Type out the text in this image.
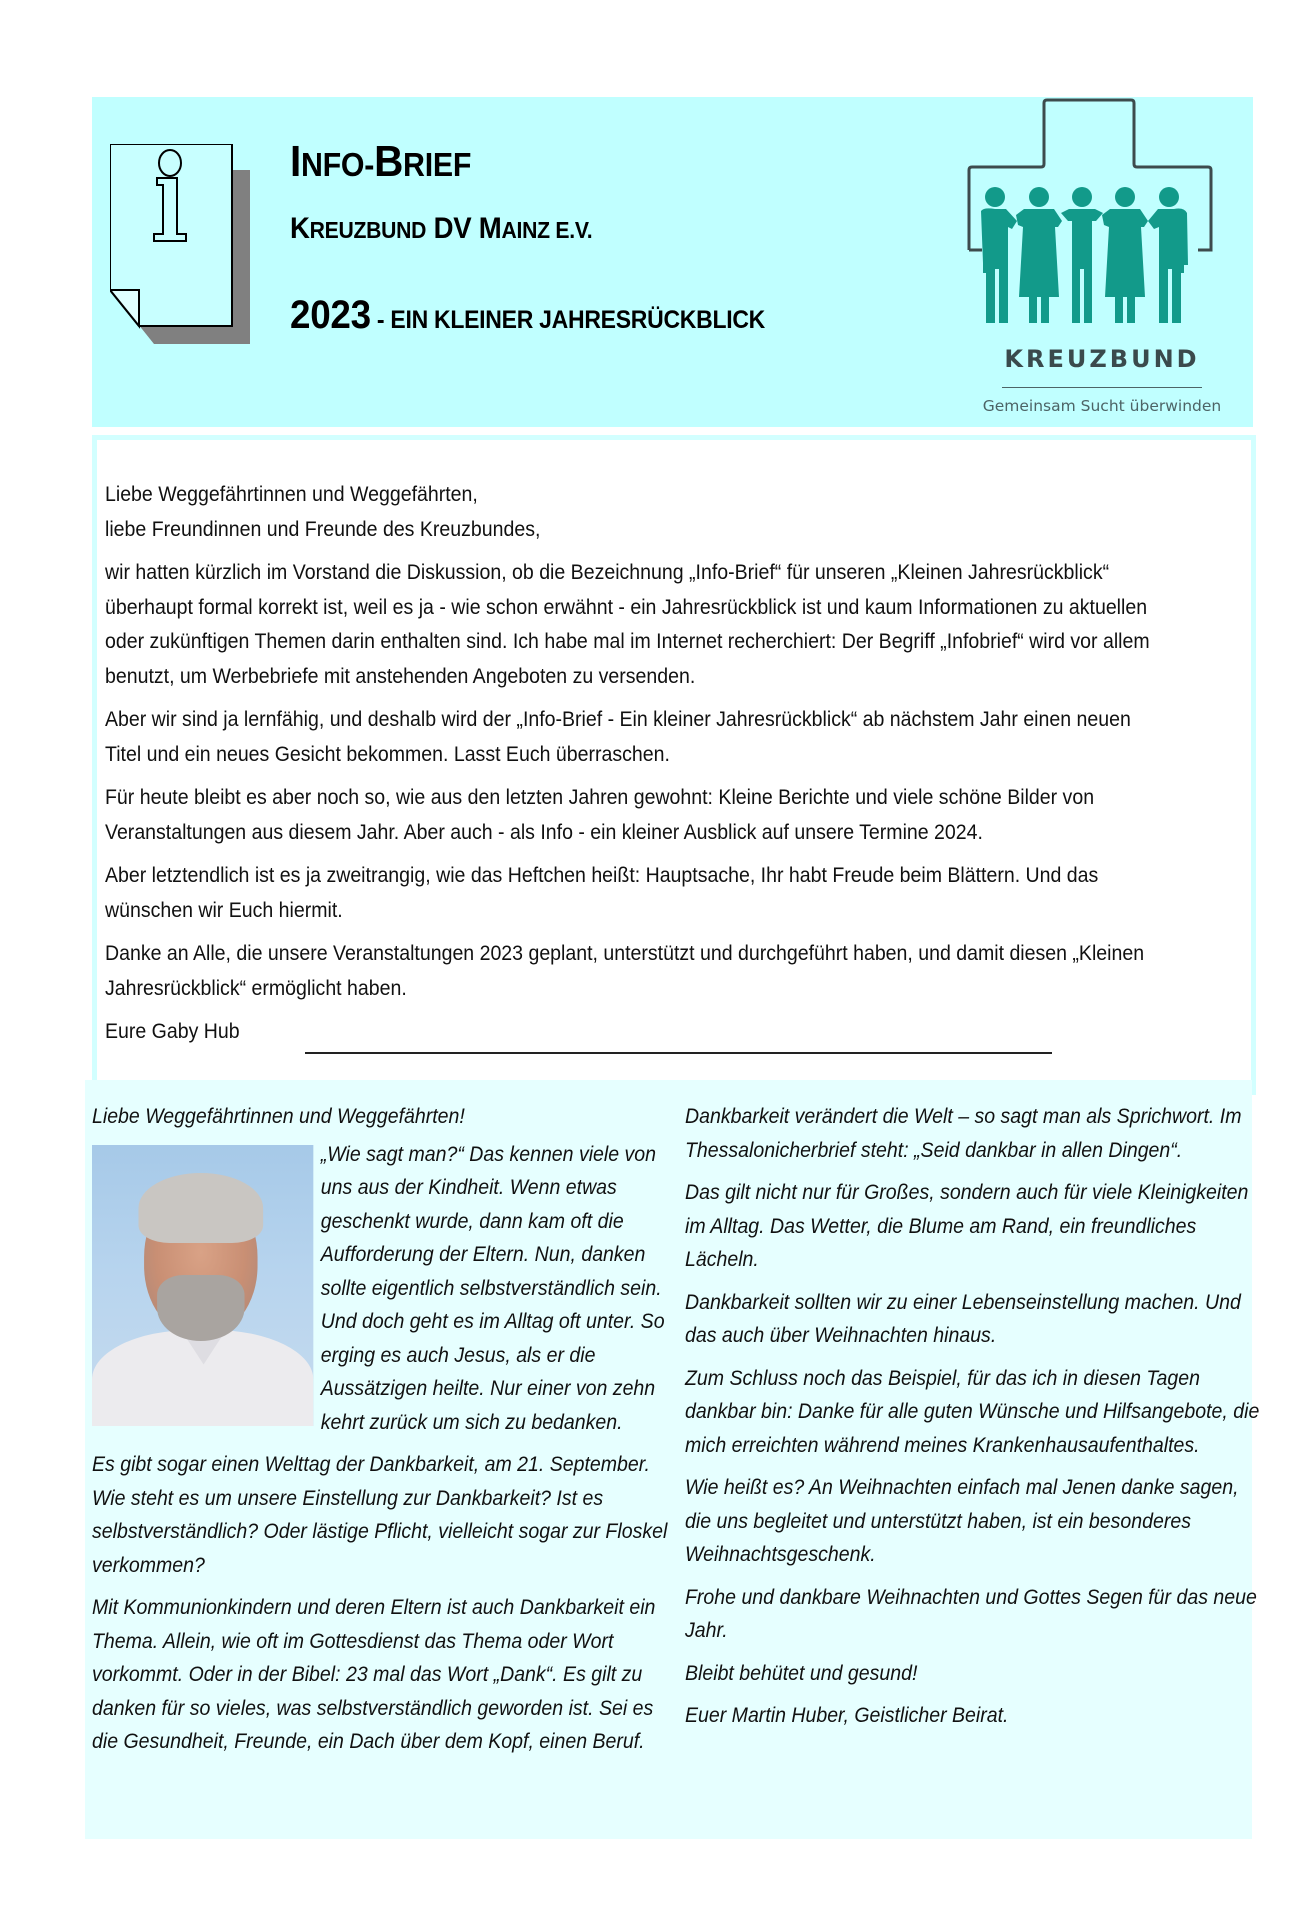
INFO-BRIEF
KREUZBUND DV MAINZ E.V.
2023 - EIN KLEINER JAHRESRÜCKBLICK
KREUZBUND
Gemeinsam Sucht überwinden

Liebe Weggefährtinnen und Weggefährten,
liebe Freundinnen und Freunde des Kreuzbundes,

wir hatten kürzlich im Vorstand die Diskussion, ob die Bezeichnung „Info-Brief“ für unseren „Kleinen Jahresrückblick“ überhaupt formal korrekt ist, weil es ja - wie schon erwähnt - ein Jahresrückblick ist und kaum Informationen zu aktuellen oder zukünftigen Themen darin enthalten sind. Ich habe mal im Internet recherchiert: Der Begriff „Infobrief“ wird vor allem benutzt, um Werbebriefe mit anstehenden Angeboten zu versenden.

Aber wir sind ja lernfähig, und deshalb wird der „Info-Brief - Ein kleiner Jahresrückblick“ ab nächstem Jahr einen neuen Titel und ein neues Gesicht bekommen. Lasst Euch überraschen.

Für heute bleibt es aber noch so, wie aus den letzten Jahren gewohnt: Kleine Berichte und viele schöne Bilder von Veranstaltungen aus diesem Jahr. Aber auch - als Info - ein kleiner Ausblick auf unsere Termine 2024.

Aber letztendlich ist es ja zweitrangig, wie das Heftchen heißt: Hauptsache, Ihr habt Freude beim Blättern. Und das wünschen wir Euch hiermit.

Danke an Alle, die unsere Veranstaltungen 2023 geplant, unterstützt und durchgeführt haben, und damit diesen „Kleinen Jahresrückblick“ ermöglicht haben.

Eure Gaby Hub

Liebe Weggefährtinnen und Weggefährten!

„Wie sagt man?“ Das kennen viele von uns aus der Kindheit. Wenn etwas geschenkt wurde, dann kam oft die Aufforderung der Eltern. Nun, danken sollte eigentlich selbstverständlich sein. Und doch geht es im Alltag oft unter. So erging es auch Jesus, als er die Aussätzigen heilte. Nur einer von zehn kehrt zurück um sich zu bedanken.

Es gibt sogar einen Welttag der Dankbarkeit, am 21. September. Wie steht es um unsere Einstellung zur Dankbarkeit? Ist es selbstverständlich? Oder lästige Pflicht, vielleicht sogar zur Floskel verkommen?

Mit Kommunionkindern und deren Eltern ist auch Dankbarkeit ein Thema. Allein, wie oft im Gottesdienst das Thema oder Wort vorkommt. Oder in der Bibel: 23 mal das Wort „Dank“. Es gilt zu danken für so vieles, was selbstverständlich geworden ist. Sei es die Gesundheit, Freunde, ein Dach über dem Kopf, einen Beruf.

Dankbarkeit verändert die Welt – so sagt man als Sprichwort. Im Thessalonicherbrief steht: „Seid dankbar in allen Dingen“.

Das gilt nicht nur für Großes, sondern auch für viele Kleinigkeiten im Alltag. Das Wetter, die Blume am Rand, ein freundliches Lächeln.

Dankbarkeit sollten wir zu einer Lebenseinstellung machen. Und das auch über Weihnachten hinaus.

Zum Schluss noch das Beispiel, für das ich in diesen Tagen dankbar bin: Danke für alle guten Wünsche und Hilfsangebote, die mich erreichten während meines Krankenhausaufenthaltes.

Wie heißt es? An Weihnachten einfach mal Jenen danke sagen, die uns begleitet und unterstützt haben, ist ein besonderes Weihnachtsgeschenk.

Frohe und dankbare Weihnachten und Gottes Segen für das neue Jahr.

Bleibt behütet und gesund!

Euer Martin Huber, Geistlicher Beirat.
